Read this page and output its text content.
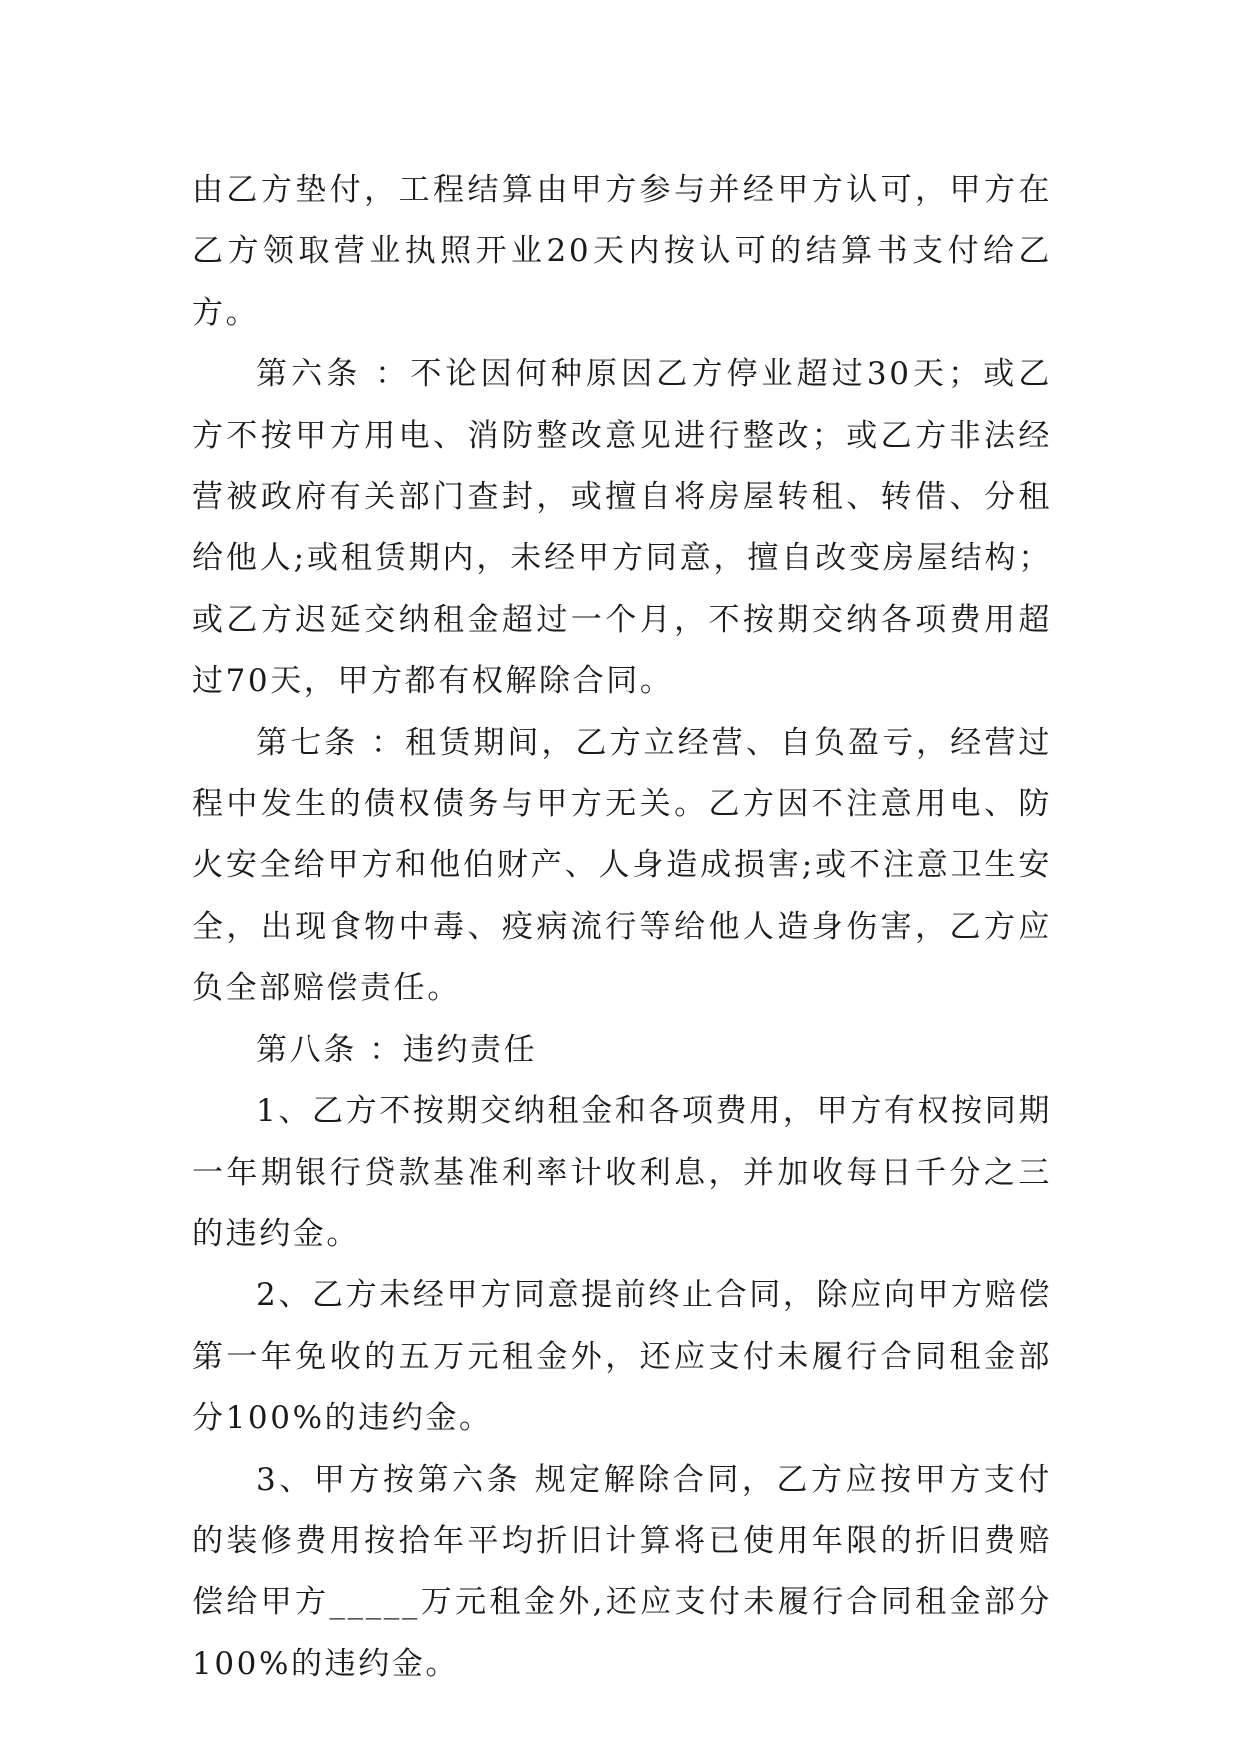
由乙方垫付，工程结算由甲方参与并经甲方认可，甲方在乙方领取营业执照开业20天内按认可的结算书支付给乙方。

第六条 ：不论因何种原因乙方停业超过30天；或乙方不按甲方用电、消防整改意见进行整改；或乙方非法经营被政府有关部门查封，或擅自将房屋转租、转借、分租给他人;或租赁期内，未经甲方同意，擅自改变房屋结构；或乙方迟延交纳租金超过一个月，不按期交纳各项费用超过70天，甲方都有权解除合同。

第七条 ：租赁期间，乙方立经营、自负盈亏，经营过程中发生的债权债务与甲方无关。乙方因不注意用电、防火安全给甲方和他伯财产、人身造成损害;或不注意卫生安全，出现食物中毒、疫病流行等给他人造身伤害，乙方应负全部赔偿责任。

第八条 ：违约责任

1、乙方不按期交纳租金和各项费用，甲方有权按同期一年期银行贷款基准利率计收利息，并加收每日千分之三的违约金。

2、乙方未经甲方同意提前终止合同，除应向甲方赔偿第一年免收的五万元租金外，还应支付未履行合同租金部分100%的违约金。

3、甲方按第六条 规定解除合同，乙方应按甲方支付的装修费用按拾年平均折旧计算将已使用年限的折旧费赔偿给甲方_____万元租金外,还应支付未履行合同租金部分100%的违约金。
